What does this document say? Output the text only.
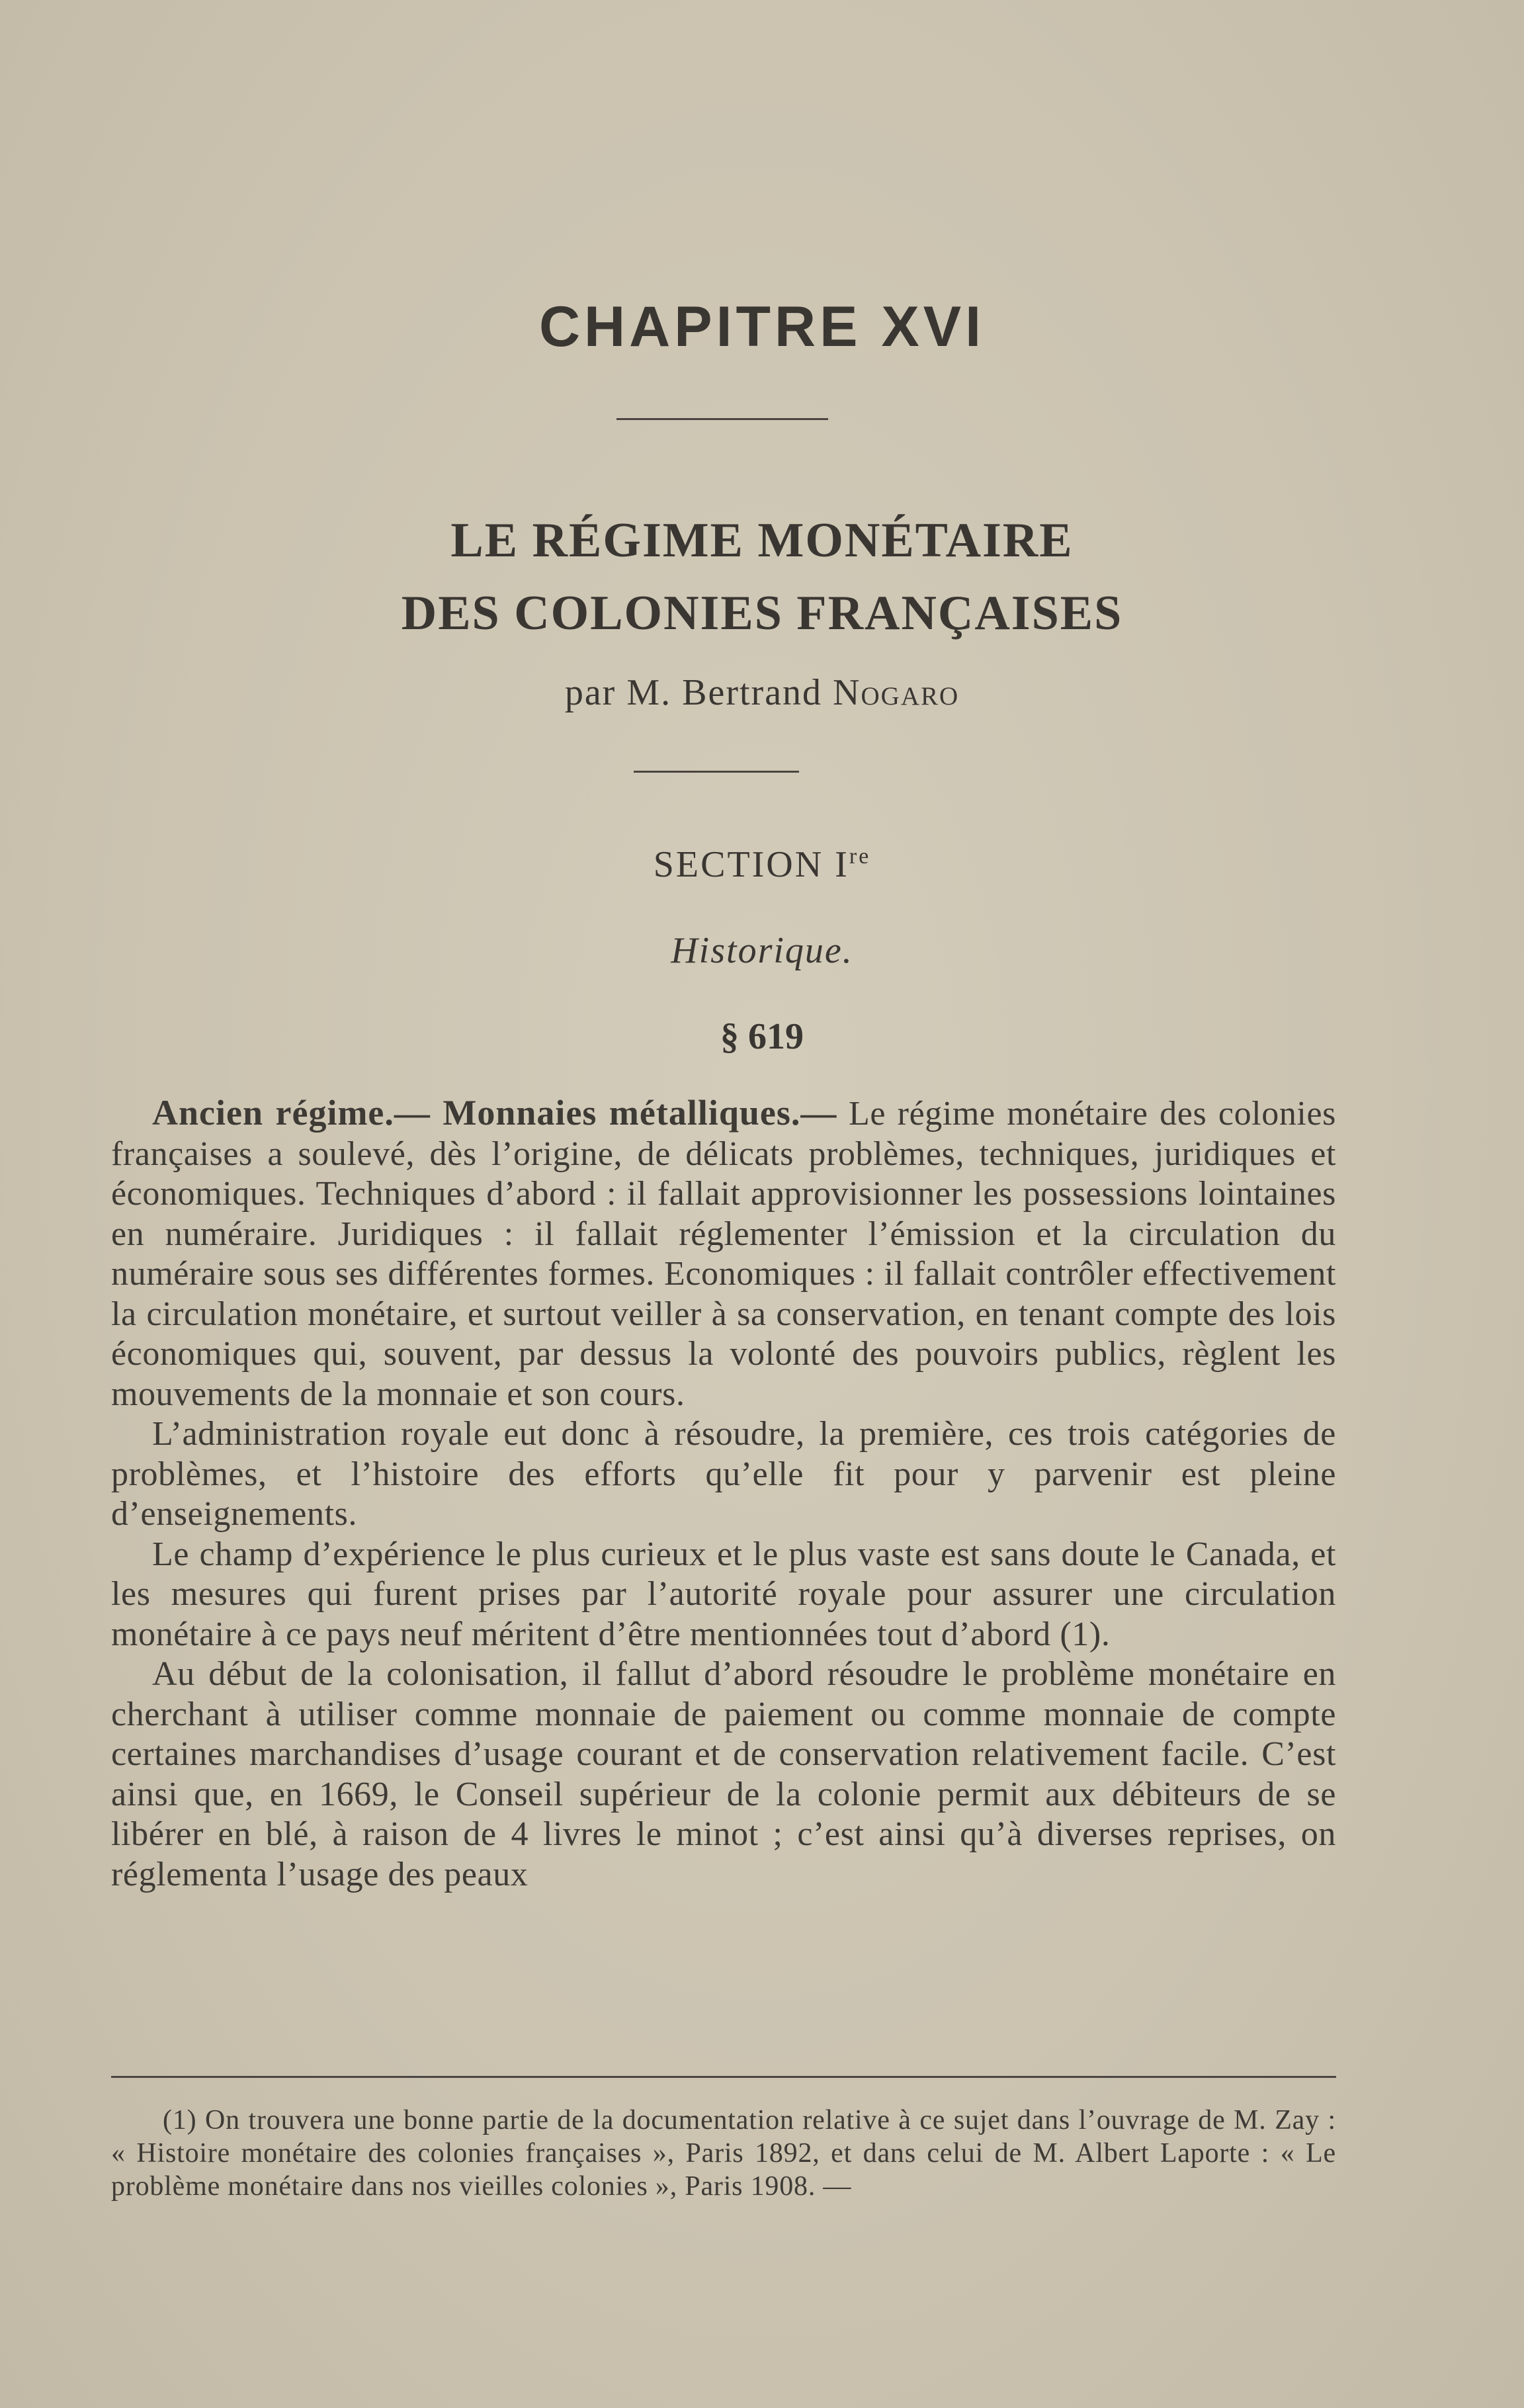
CHAPITRE XVI
LE RÉGIME MONÉTAIRE
DES COLONIES FRANÇAISES
par M. Bertrand Nogaro
SECTION Ire
Historique.
§ 619

Ancien régime.— Monnaies métalliques.— Le régime monétaire des colonies françaises a soulevé, dès l’origine, de délicats problèmes, techniques, juridiques et économiques. Techniques d’abord : il fallait approvisionner les possessions lointaines en numéraire. Juridiques : il fallait réglementer l’émission et la circulation du numéraire sous ses différentes formes. Economiques : il fallait contrôler effectivement la circulation monétaire, et surtout veiller à sa conservation, en tenant compte des lois économiques qui, souvent, par dessus la volonté des pouvoirs publics, règlent les mouvements de la monnaie et son cours.

L’administration royale eut donc à résoudre, la première, ces trois catégories de problèmes, et l’histoire des efforts qu’elle fit pour y parvenir est pleine d’enseignements.

Le champ d’expérience le plus curieux et le plus vaste est sans doute le Canada, et les mesures qui furent prises par l’autorité royale pour assurer une circulation monétaire à ce pays neuf méritent d’être mentionnées tout d’abord (1).

Au début de la colonisation, il fallut d’abord résoudre le problème monétaire en cherchant à utiliser comme monnaie de paiement ou comme monnaie de compte certaines marchandises d’usage courant et de conservation relativement facile. C’est ainsi que, en 1669, le Conseil supérieur de la colonie permit aux débiteurs de se libérer en blé, à raison de 4 livres le minot ; c’est ainsi qu’à diverses reprises, on réglementa l’usage des peaux

(1) On trouvera une bonne partie de la documentation relative à ce sujet dans l’ouvrage de M. Zay : « Histoire monétaire des colonies françaises », Paris 1892, et dans celui de M. Albert Laporte : « Le problème monétaire dans nos vieilles colonies », Paris 1908. —
